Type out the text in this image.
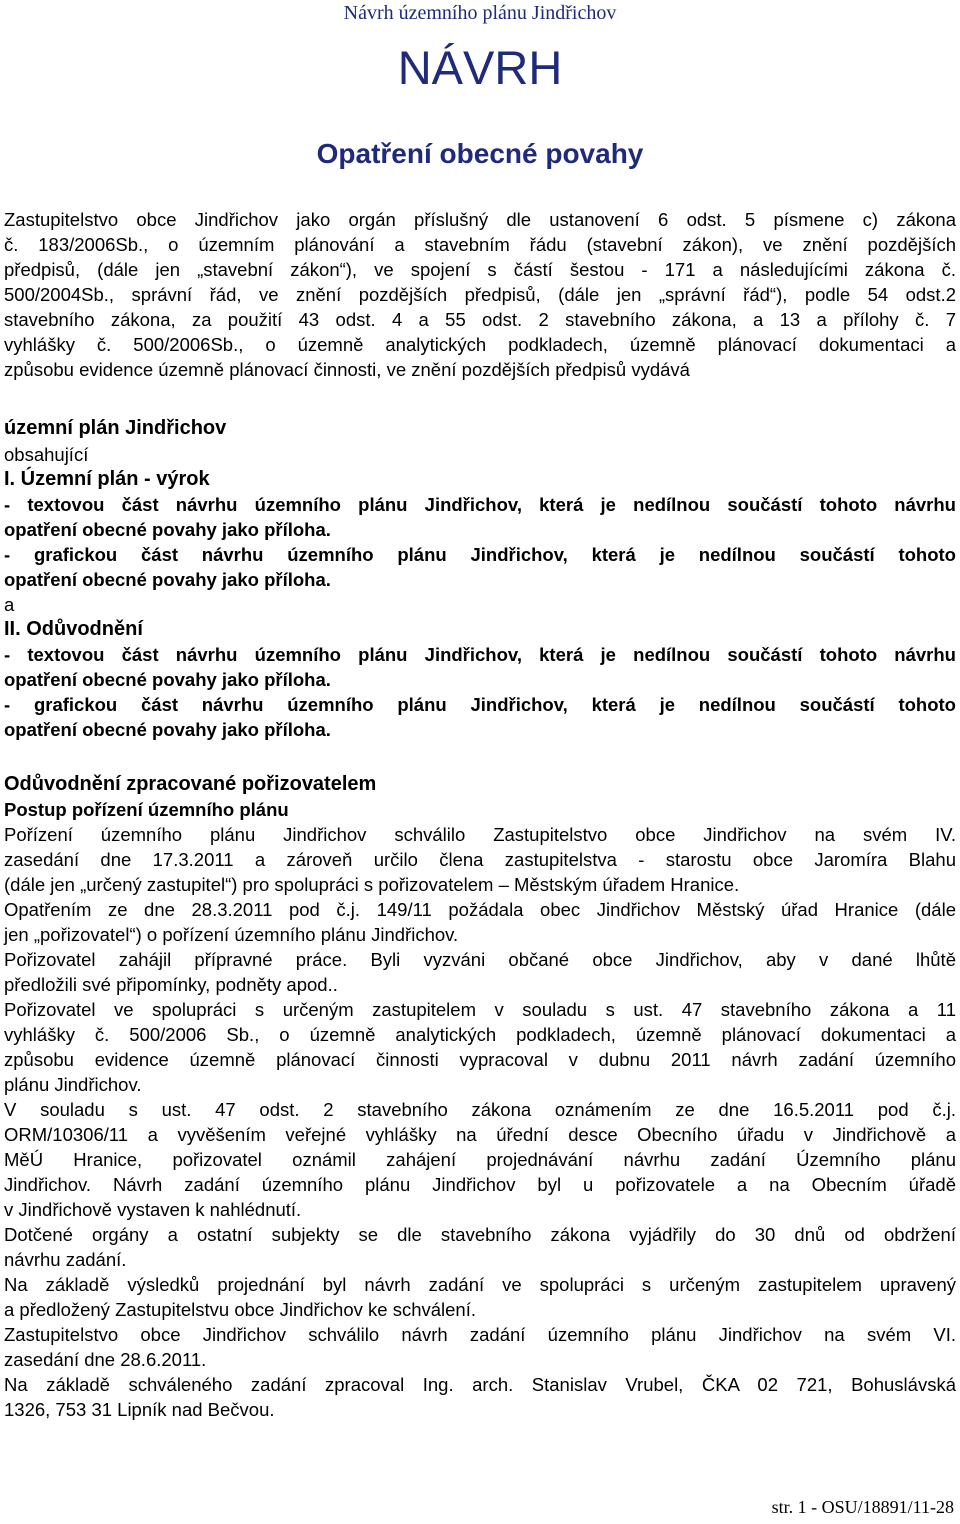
Návrh územního plánu Jindřichov
NÁVRH
Opatření obecné povahy

Zastupitelstvo obce Jindřichov jako orgán příslušný dle ustanovení 6 odst. 5 písmene c) zákona
č. 183/2006Sb., o územním plánování a stavebním řádu (stavební zákon), ve znění pozdějších
předpisů, (dále jen „stavební zákon“), ve spojení s částí šestou - 171 a následujícími zákona č.
500/2004Sb., správní řád, ve znění pozdějších předpisů, (dále jen „správní řád“), podle 54 odst.2
stavebního zákona, za použití 43 odst. 4 a 55 odst. 2 stavebního zákona, a 13 a přílohy č. 7
vyhlášky č. 500/2006Sb., o územně analytických podkladech, územně plánovací dokumentaci a
způsobu evidence územně plánovací činnosti, ve znění pozdějších předpisů vydává

územní plán Jindřichov

obsahující

I. Územní plán - výrok

- textovou část návrhu územního plánu Jindřichov, která je nedílnou součástí tohoto návrhu
opatření obecné povahy jako příloha.

- grafickou část návrhu územního plánu Jindřichov, která je nedílnou součástí tohoto
opatření obecné povahy jako příloha.

a

II. Odůvodnění

- textovou část návrhu územního plánu Jindřichov, která je nedílnou součástí tohoto návrhu
opatření obecné povahy jako příloha.

- grafickou část návrhu územního plánu Jindřichov, která je nedílnou součástí tohoto
opatření obecné povahy jako příloha.

Odůvodnění zpracované pořizovatelem

Postup pořízení územního plánu

Pořízení územního plánu Jindřichov schválilo Zastupitelstvo obce Jindřichov na svém IV.
zasedání dne 17.3.2011 a zároveň určilo člena zastupitelstva - starostu obce Jaromíra Blahu
(dále jen „určený zastupitel“) pro spolupráci s pořizovatelem – Městským úřadem Hranice.

Opatřením ze dne 28.3.2011 pod č.j. 149/11 požádala obec Jindřichov Městský úřad Hranice (dále
jen „pořizovatel“) o pořízení územního plánu Jindřichov.

Pořizovatel zahájil přípravné práce. Byli vyzváni občané obce Jindřichov, aby v dané lhůtě
předložili své připomínky, podněty apod..

Pořizovatel ve spolupráci s určeným zastupitelem v souladu s ust. 47 stavebního zákona a 11
vyhlášky č. 500/2006 Sb., o územně analytických podkladech, územně plánovací dokumentaci a
způsobu evidence územně plánovací činnosti vypracoval v dubnu 2011 návrh zadání územního
plánu Jindřichov.

V souladu s ust. 47 odst. 2 stavebního zákona oznámením ze dne 16.5.2011 pod č.j.
ORM/10306/11 a vyvěšením veřejné vyhlášky na úřední desce Obecního úřadu v Jindřichově a
MěÚ Hranice, pořizovatel oznámil zahájení projednávání návrhu zadání Územního plánu
Jindřichov. Návrh zadání územního plánu Jindřichov byl u pořizovatele a na Obecním úřadě
v Jindřichově vystaven k nahlédnutí.

Dotčené orgány a ostatní subjekty se dle stavebního zákona vyjádřily do 30 dnů od obdržení
návrhu zadání.

Na základě výsledků projednání byl návrh zadání ve spolupráci s určeným zastupitelem upravený
a předložený Zastupitelstvu obce Jindřichov ke schválení.

Zastupitelstvo obce Jindřichov schválilo návrh zadání územního plánu Jindřichov na svém VI.
zasedání dne 28.6.2011.

Na základě schváleného zadání zpracoval Ing. arch. Stanislav Vrubel, ČKA 02 721, Bohuslávská
1326, 753 31 Lipník nad Bečvou.

str. 1 - OSU/18891/11-28
